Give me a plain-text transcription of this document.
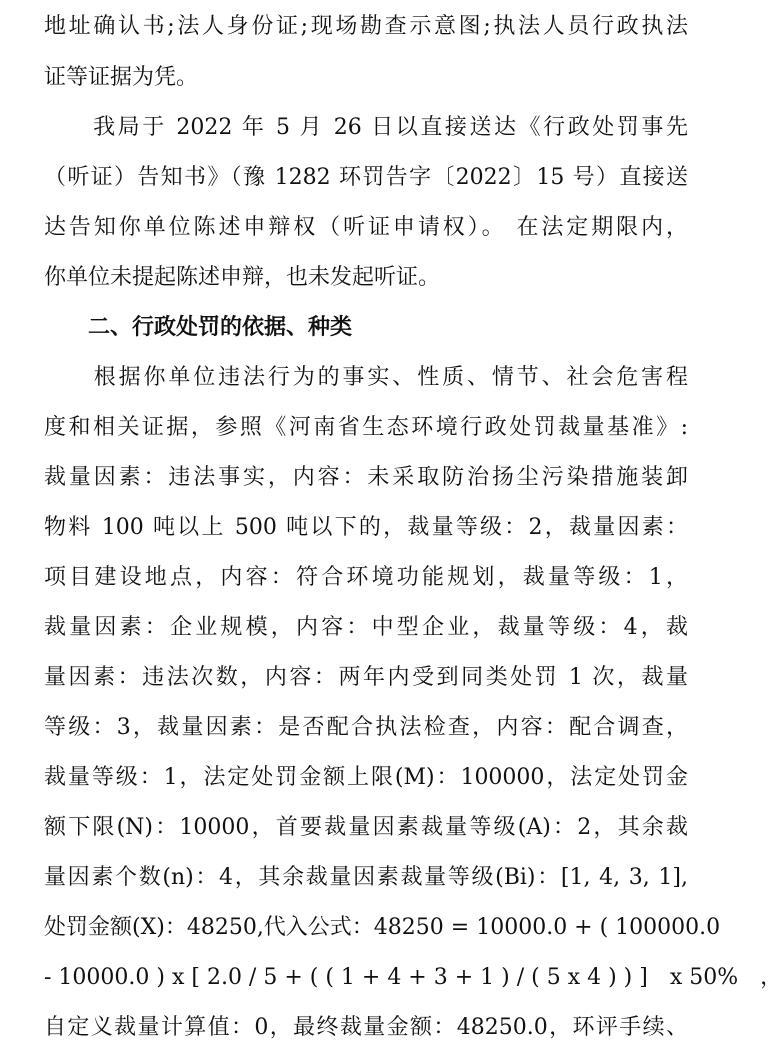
地址确认书;法人身份证;现场勘查示意图;执法人员行政执法
证等证据为凭。
　　我局于 2022 年 5 月 26 日以直接送达《行政处罚事先
（听证）告知书》（豫 1282 环罚告字〔2022〕15 号）直接送
达告知你单位陈述申辩权（听证申请权）。 在法定期限内，
你单位未提起陈述申辩，也未发起听证。
　　二、行政处罚的依据、种类
　　根据你单位违法行为的事实、性质、情节、社会危害程
度和相关证据，参照《河南省生态环境行政处罚裁量基准》:
裁量因素：违法事实，内容：未采取防治扬尘污染措施装卸
物料 100 吨以上 500 吨以下的，裁量等级：2，裁量因素：
项目建设地点，内容：符合环境功能规划，裁量等级：1，
裁量因素：企业规模，内容：中型企业，裁量等级：4，裁
量因素：违法次数，内容：两年内受到同类处罚 1 次，裁量
等级：3，裁量因素：是否配合执法检查，内容：配合调查，
裁量等级：1，法定处罚金额上限(M)：100000，法定处罚金
额下限(N)：10000，首要裁量因素裁量等级(A)：2，其余裁
量因素个数(n)：4，其余裁量因素裁量等级(Bi)：[1, 4, 3, 1],
处罚金额(X)：48250,代入公式：48250 = 10000.0 + ( 100000.0
- 10000.0 ) x [ 2.0 / 5 + ( ( 1 + 4 + 3 + 1 ) / ( 5 x 4 ) ) ]　x 50%　，
自定义裁量计算值：0，最终裁量金额：48250.0，环评手续、
